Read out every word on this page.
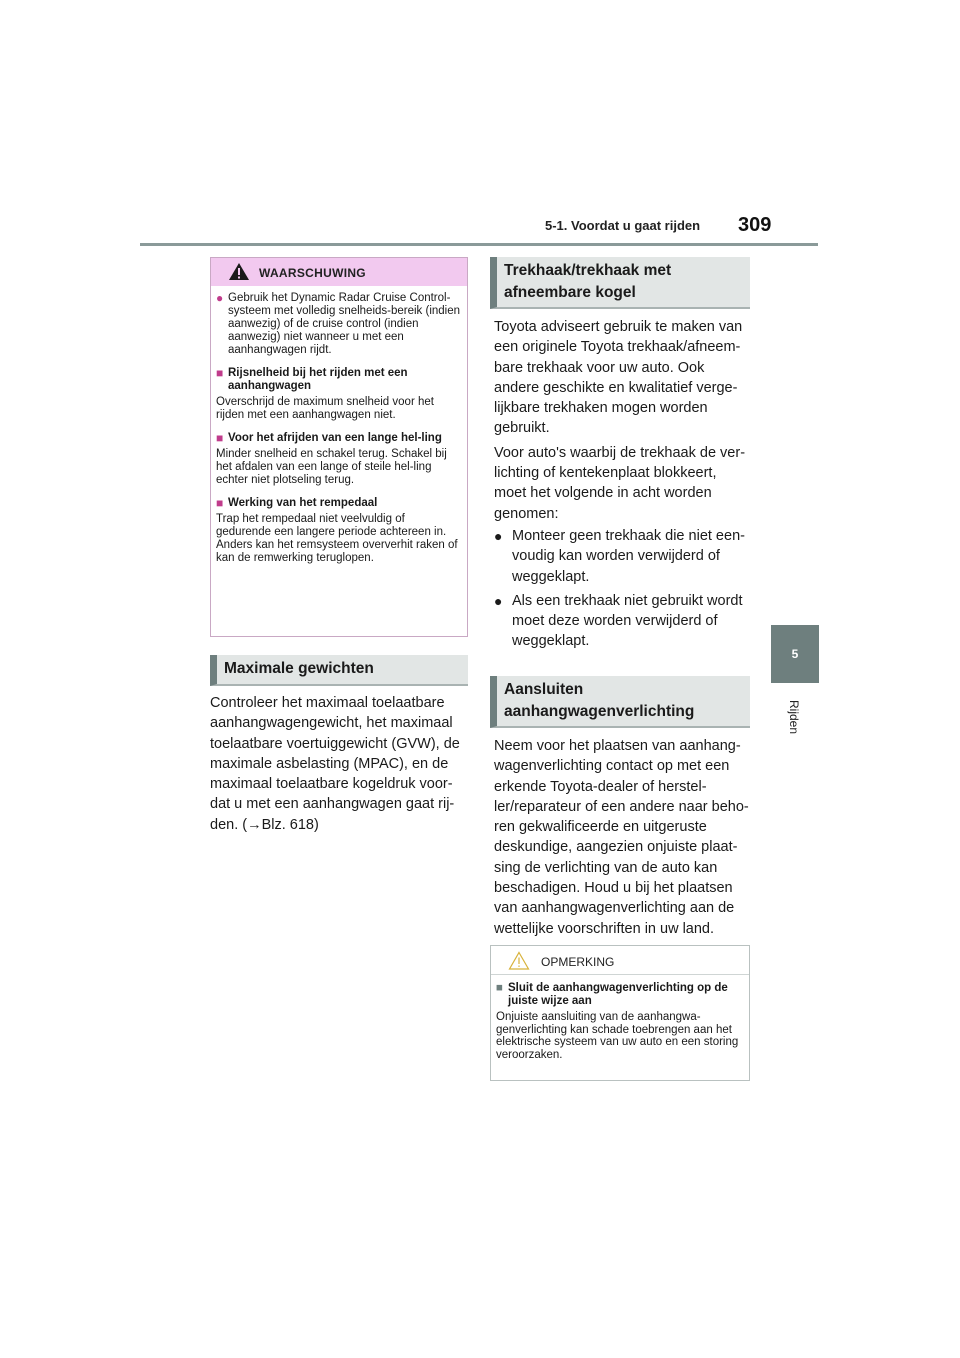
5-1. Voordat u gaat rijden 309
5
Rijden
WAARSCHUWING
● Gebruik het Dynamic Radar Cruise Control-systeem met volledig snelheids-bereik (indien aanwezig) of de cruise control (indien aanwezig) niet wanneer u met een aanhangwagen rijdt.
■ Rijsnelheid bij het rijden met een aanhangwagen
Overschrijd de maximum snelheid voor het rijden met een aanhangwagen niet.
■ Voor het afrijden van een lange hel-ling
Minder snelheid en schakel terug. Schakel bij het afdalen van een lange of steile hel-ling echter niet plotseling terug.
■ Werking van het rempedaal
Trap het rempedaal niet veelvuldig of gedurende een langere periode achtereen in.
Anders kan het remsysteem oververhit raken of kan de remwerking teruglopen.
Maximale gewichten
Controleer het maximaal toelaatbare aanhangwagengewicht, het maximaal toelaatbare voertuiggewicht (GVW), de maximale asbelasting (MPAC), en de maximaal toelaatbare kogeldruk voor-dat u met een aanhangwagen gaat rij-den. (→Blz. 618)
Trekhaak/trekhaak met
afneembare kogel
Toyota adviseert gebruik te maken van een originele Toyota trekhaak/afneem-bare trekhaak voor uw auto. Ook andere geschikte en kwalitatief verge-lijkbare trekhaken mogen worden gebruikt.
Voor auto's waarbij de trekhaak de ver-lichting of kentekenplaat blokkeert, moet het volgende in acht worden genomen:
● Monteer geen trekhaak die niet een-voudig kan worden verwijderd of weggeklapt.
● Als een trekhaak niet gebruikt wordt moet deze worden verwijderd of weggeklapt.
Aansluiten
aanhangwagenverlichting
Neem voor het plaatsen van aanhang-wagenverlichting contact op met een erkende Toyota-dealer of herstel-ler/reparateur of een andere naar beho-ren gekwalificeerde en uitgeruste deskundige, aangezien onjuiste plaat-sing de verlichting van de auto kan beschadigen. Houd u bij het plaatsen van aanhangwagenverlichting aan de wettelijke voorschriften in uw land.
OPMERKING
■ Sluit de aanhangwagenverlichting op de juiste wijze aan
Onjuiste aansluiting van de aanhangwa-genverlichting kan schade toebrengen aan het elektrische systeem van uw auto en een storing veroorzaken.
